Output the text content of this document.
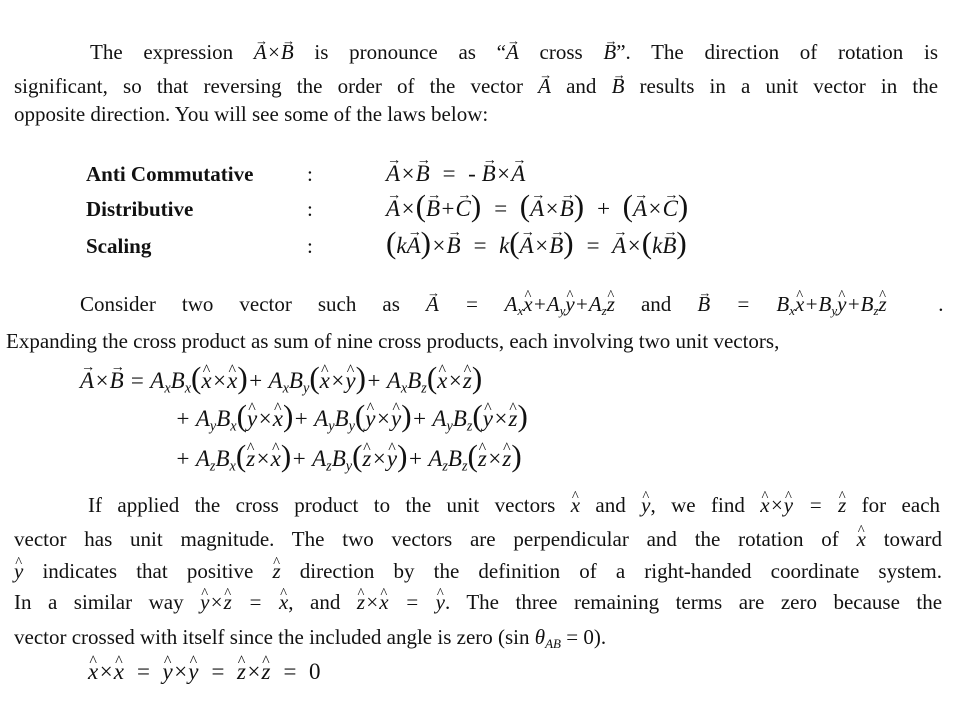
The expression → A×→ B is pronounce as “→ A cross → B”. The direction of rotation is
significant, so that reversing the order of the vector → A and → B results in a unit vector in the
opposite direction. You will see some of the laws below:
Anti Commutative	:	→ A×→ B  =  - → B×→ A
Distributive	:	→ A×(→ B+→ C)  =  (→ A×→ B)  +  (→ A×→ C)
Scaling	: (k→ A)×→ B  =  k(→ A×→ B)  =  → A×(k→ B)
Consider two vector such as → $A = A_x\^{}$ $x+A_y\^{}$ $y+A_z\^{}$ z and → $B = B_x\^{}$ $x+B_y\^{}$ $y+B_z\^{}$ z  .
Expanding the cross product as sum of nine cross products, each involving two unit vectors,
→ $A\times\to B = A_xB_x(\^{}$ x×^ $x)+ A_xB_y(\^{}$ x×^ $y)+ A_xB_z(\^{}$ x×^ z)
+ $A_yB_x(\^{}$ y×^ $x)+ A_yB_y(\^{}$ y×^ $y)+ A_yB_z(\^{}$ y×^ z)
+ $A_zB_x(\^{}$ z×^ $x)+ A_zB_y(\^{}$ z×^ $y)+ A_zB_z(\^{}$ z×^ z)
If applied the cross product to the unit vectors ^ x and ^ y, we find ^ x×^ y = ^ z for each
vector has unit magnitude. The two vectors are perpendicular and the rotation of ^ x toward
^ y indicates that positive ^ z direction by the definition of a right-handed coordinate system.
In a similar way ^ y×^ z = ^ x, and ^ z×^ x = ^ y. The three remaining terms are zero because the
vector crossed with itself since the included angle is zero (sin $\theta_{AB} = 0$).
^ x×^ x  =  ^ y×^ y  =  ^ z×^ z  =  0
